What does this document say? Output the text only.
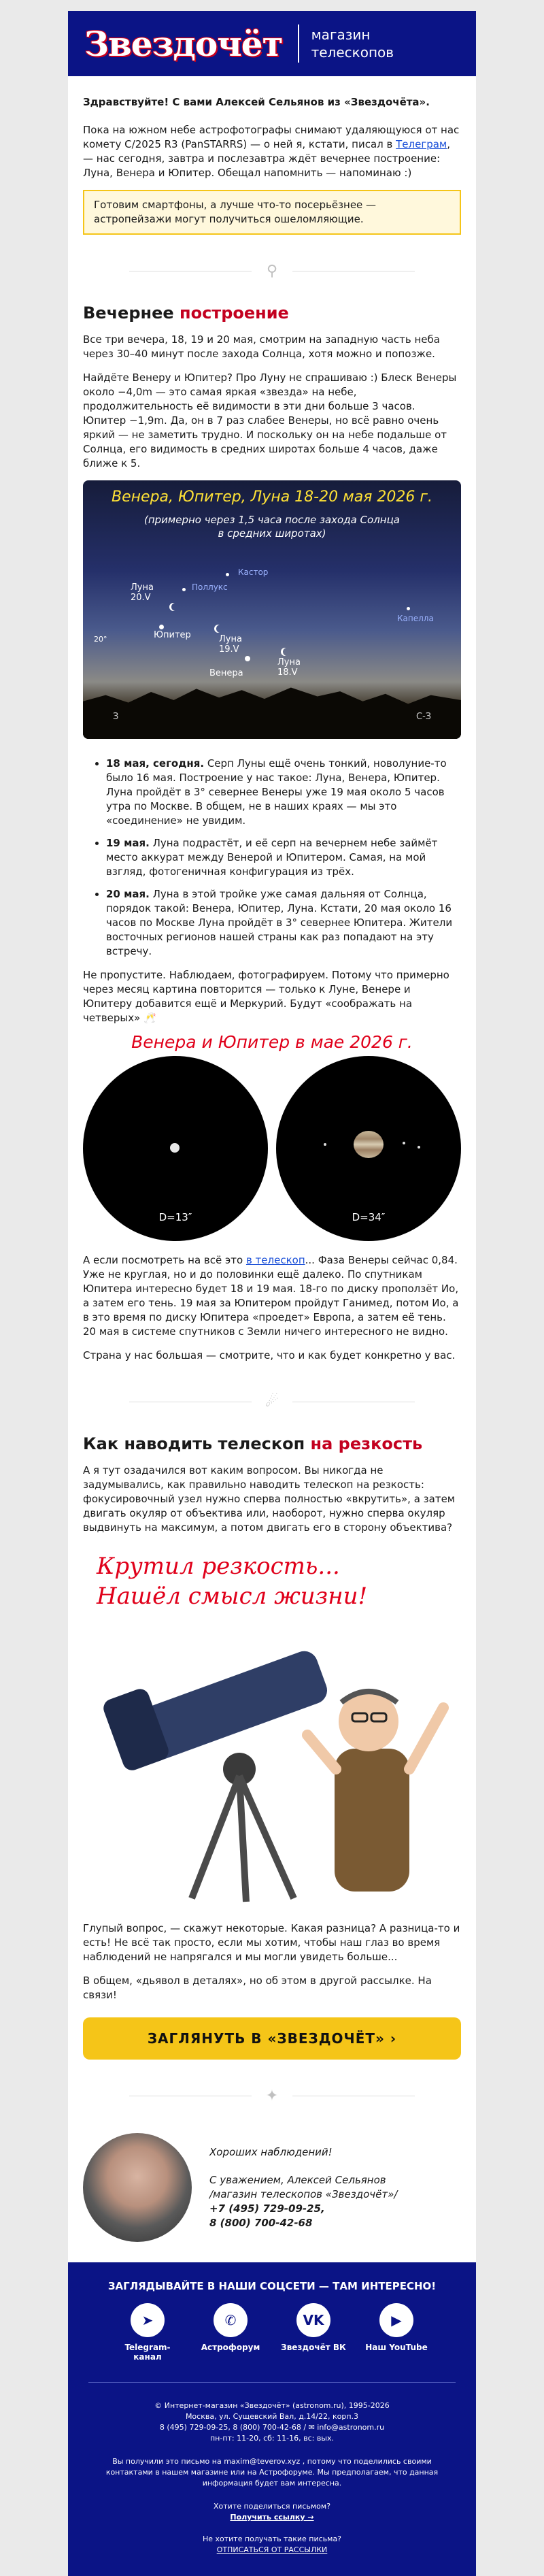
Звездочёт магазин
телескопов
Здравствуйте! С вами Алексей Сельянов из «Звездочёта».
Пока на южном небе астрофотографы снимают удаляющуюся от нас комету C/2025 R3 (PanSTARRS) — о ней я, кстати, писал в Телеграм, — нас сегодня, завтра и послезавтра ждёт вечернее построение: Луна, Венера и Юпитер. Обещал напомнить — напоминаю :)
Готовим смартфоны, а лучше что-то посерьёзнее — астропейзажи могут получиться ошеломляющие.
⚲
Вечернее построение
Все три вечера, 18, 19 и 20 мая, смотрим на западную часть неба через 30–40 минут после захода Солнца, хотя можно и попозже.
Найдёте Венеру и Юпитер? Про Луну не спрашиваю :) Блеск Венеры около −4,0m — это самая яркая «звезда» на небе, продолжительность её видимости в эти дни больше 3 часов. Юпитер −1,9m. Да, он в 7 раз слабее Венеры, но всё равно очень яркий — не заметить трудно. И поскольку он на небе подальше от Солнца, его видимость в средних широтах больше 4 часов, даже ближе к 5.
Венера, Юпитер, Луна 18-20 мая 2026 г.
(примерно через 1,5 часа после захода Солнца
в средних широтах)
Кастор
Поллукс
Луна
20.V
Юпитер	Луна
19.V
Венера
Луна
18.V
Капелла
20°
З	С-З
• 18 мая, сегодня. Серп Луны ещё очень тонкий, новолуние-то было 16 мая. Построение у нас такое: Луна, Венера, Юпитер. Луна пройдёт в 3° севернее Венеры уже 19 мая около 5 часов утра по Москве. В общем, не в наших краях — мы это «соединение» не увидим.
• 19 мая. Луна подрастёт, и её серп на вечернем небе займёт место аккурат между Венерой и Юпитером. Самая, на мой взгляд, фотогеничная конфигурация из трёх.
• 20 мая. Луна в этой тройке уже самая дальняя от Солнца, порядок такой: Венера, Юпитер, Луна. Кстати, 20 мая около 16 часов по Москве Луна пройдёт в 3° севернее Юпитера. Жители восточных регионов нашей страны как раз попадают на эту встречу.
Не пропустите. Наблюдаем, фотографируем. Потому что примерно через месяц картина повторится — только к Луне, Венере и Юпитеру добавится ещё и Меркурий. Будут «соображать на четверых» 🥂
Венера и Юпитер в мае 2026 г.
D=13″	D=34″
А если посмотреть на всё это в телескоп... Фаза Венеры сейчас 0,84. Уже не круглая, но и до половинки ещё далеко. По спутникам Юпитера интересно будет 18 и 19 мая. 18-го по диску проползёт Ио, а затем его тень. 19 мая за Юпитером пройдут Ганимед, потом Ио, а в это время по диску Юпитера «проедет» Европа, а затем её тень. 20 мая в системе спутников с Земли ничего интересного не видно.
Страна у нас большая — смотрите, что и как будет конкретно у вас.
☄
Как наводить телескоп на резкость
А я тут озадачился вот каким вопросом. Вы никогда не задумывались, как правильно наводить телескоп на резкость: фокусировочный узел нужно сперва полностью «вкрутить», а затем двигать окуляр от объектива или, наоборот, нужно сперва окуляр выдвинуть на максимум, а потом двигать его в сторону объектива?
Крутил резкость...
Нашёл смысл жизни!
Глупый вопрос, — скажут некоторые. Какая разница? А разница-то и есть! Не всё так просто, если мы хотим, чтобы наш глаз во время наблюдений не напрягался и мы могли увидеть больше...
В общем, «дьявол в деталях», но об этом в другой рассылке. На связи!
ЗАГЛЯНУТЬ В «ЗВЕЗДОЧЁТ» ›
✦
Хороших наблюдений!
С уважением, Алексей Сельянов
/магазин телескопов «Звездочёт»/
+7 (495) 729-09-25,
8 (800) 700-42-68
ЗАГЛЯДЫВАЙТЕ В НАШИ СОЦСЕТИ — ТАМ ИНТЕРЕСНО!
➤
Telegram-канал
✆
Астрофорум
VK
Звездочёт ВК
▶
Наш YouTube
© Интернет-магазин «Звездочёт» (astronom.ru), 1995-2026
Москва, ул. Сущевский Вал, д.14/22, корп.3
8 (495) 729-09-25, 8 (800) 700-42-68 / ✉ info@astronom.ru
пн-пт: 11-20, сб: 11-16, вс: вых.
Вы получили это письмо на maxim@teverov.xyz , потому что поделились своими контактами в нашем магазине или на Астрофоруме. Мы предполагаем, что данная информация будет вам интересна.
Хотите поделиться письмом?
Получить ссылку →
Не хотите получать такие письма?
ОТПИСАТЬСЯ ОТ РАССЫЛКИ
